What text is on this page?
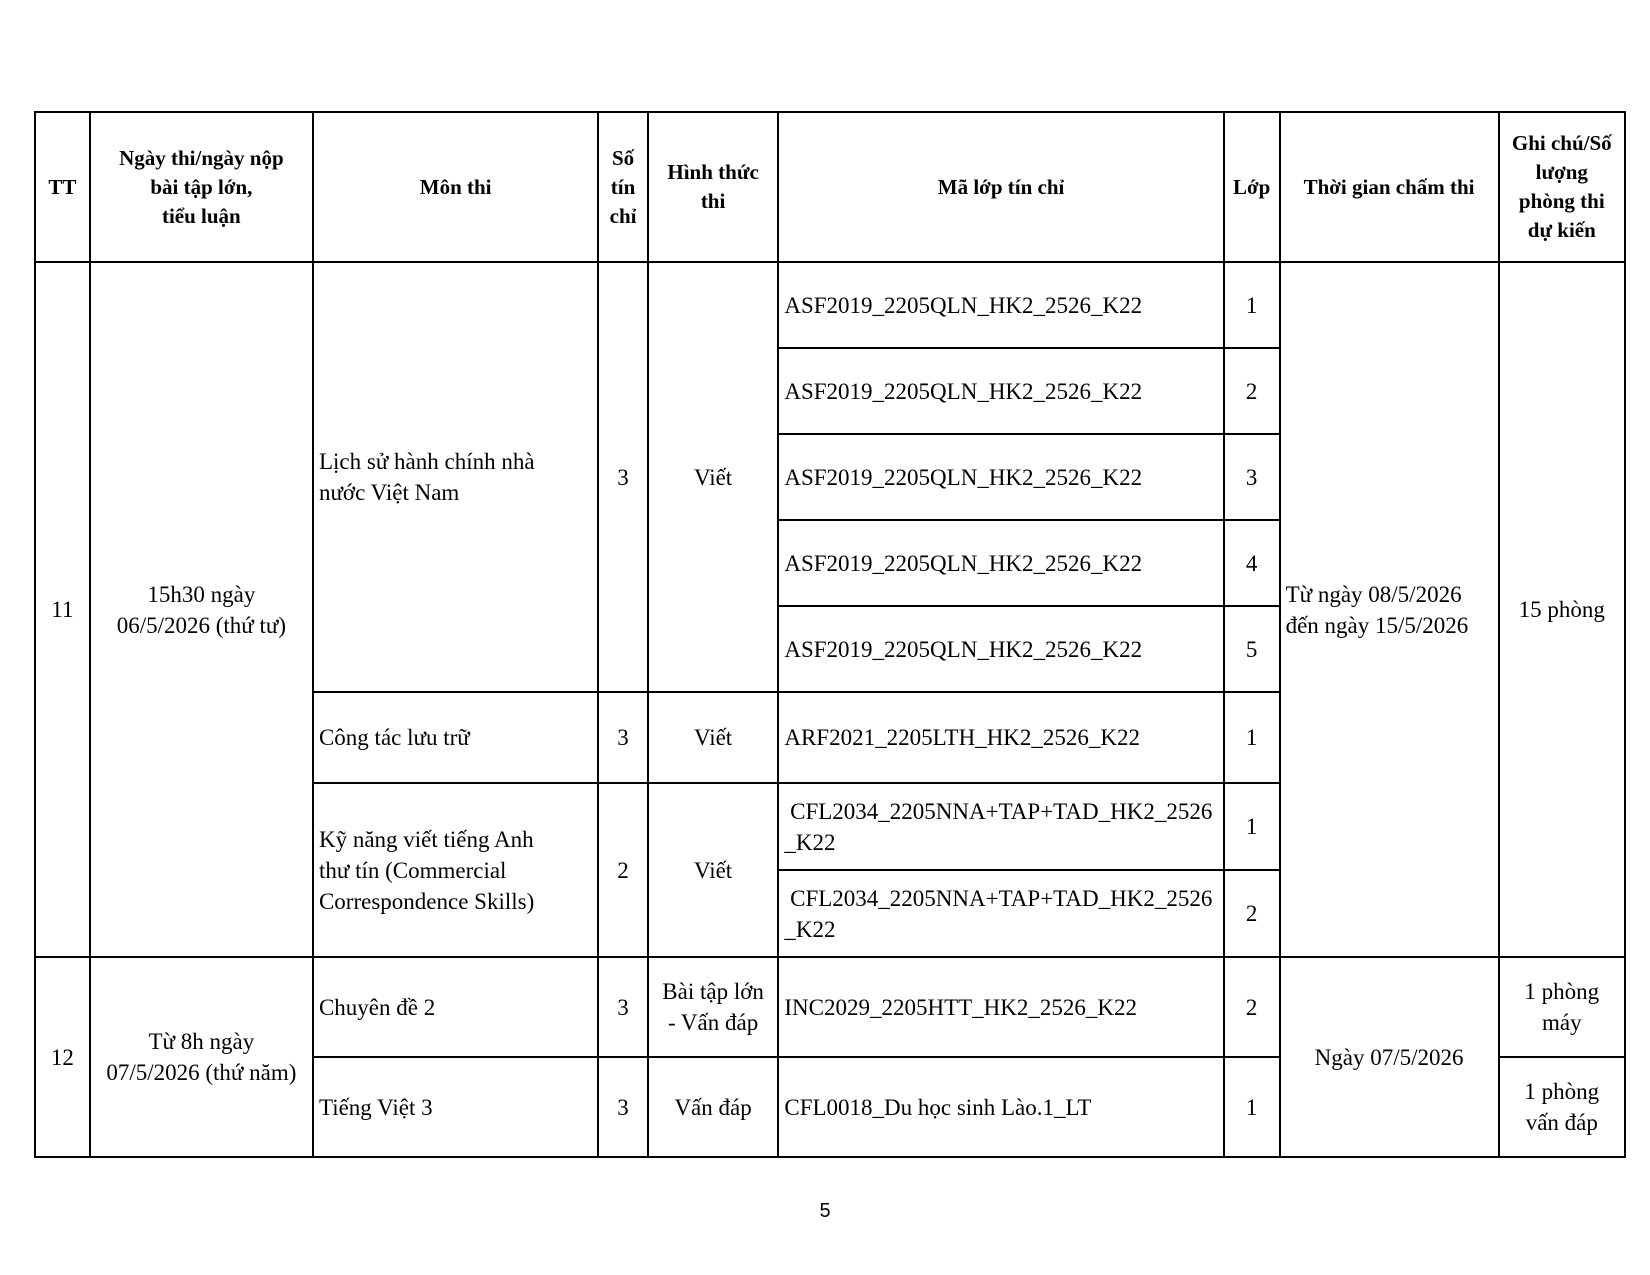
TT	Ngày thi/ngày nộp
bài tập lớn,
tiểu luận	Môn thi	Số
tín
chỉ	Hình thức
thi	Mã lớp tín chỉ	Lớp	Thời gian chấm thi	Ghi chú/Số
lượng
phòng thi
dự kiến
11	15h30 ngày
06/5/2026 (thứ tư)	Lịch sử hành chính nhà
nước Việt Nam	3	Viết	ASF2019_2205QLN_HK2_2526_K22	1	Từ ngày 08/5/2026
đến ngày 15/5/2026	15 phòng
					ASF2019_2205QLN_HK2_2526_K22	2		
					ASF2019_2205QLN_HK2_2526_K22	3		
					ASF2019_2205QLN_HK2_2526_K22	4		
					ASF2019_2205QLN_HK2_2526_K22	5		
		Công tác lưu trữ	3	Viết	ARF2021_2205LTH_HK2_2526_K22	1		
		Kỹ năng viết tiếng Anh
thư tín (Commercial
Correspondence Skills)	2	Viết	CFL2034_2205NNA+TAP+TAD_HK2_2526_K22	1		
					CFL2034_2205NNA+TAP+TAD_HK2_2526_K22	2		
12	Từ 8h ngày
07/5/2026 (thứ năm)	Chuyên đề 2	3	Bài tập lớn
- Vấn đáp	INC2029_2205HTT_HK2_2526_K22	2	Ngày 07/5/2026	1 phòng
máy
		Tiếng Việt 3	3	Vấn đáp	CFL0018_Du học sinh Lào.1_LT	1		1 phòng
vấn đáp
5
